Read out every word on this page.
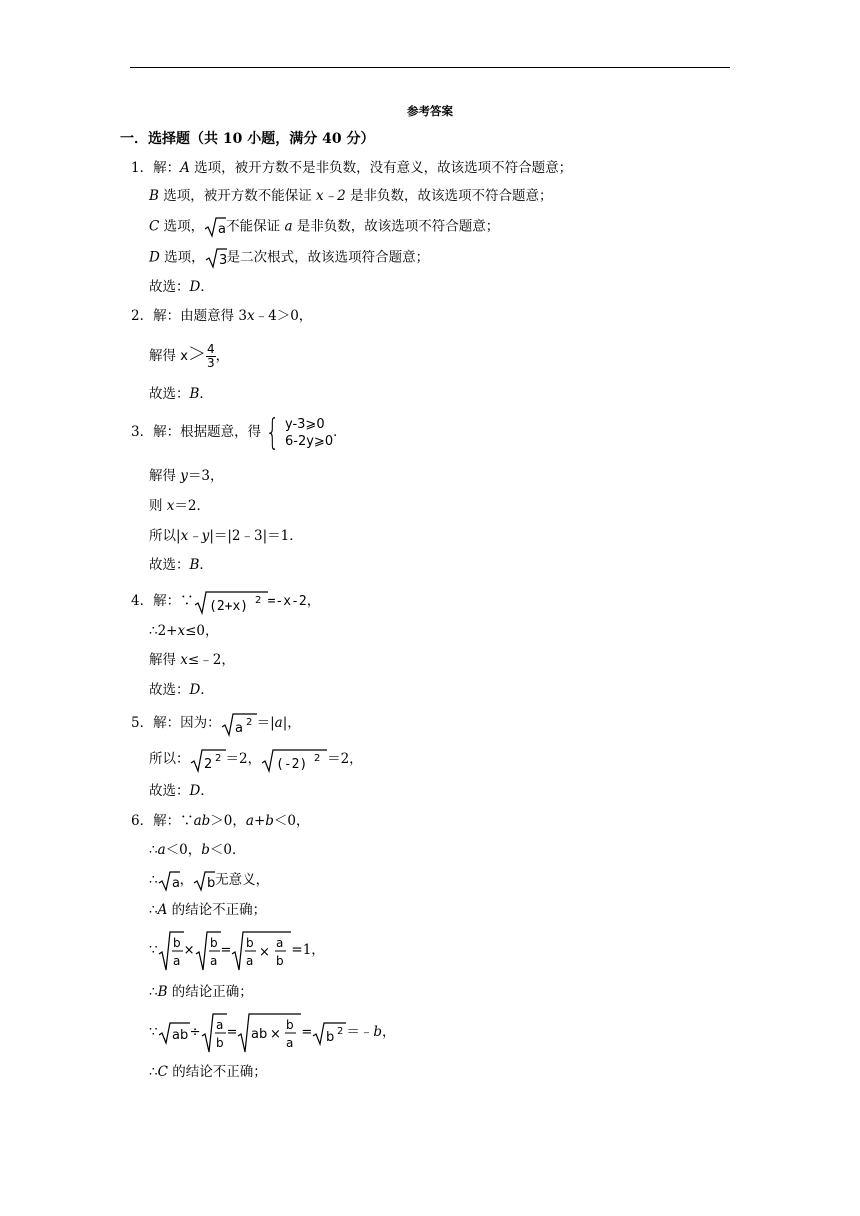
参考答案
一．选择题（共 10 小题，满分 40 分）
1．解：A 选项，被开方数不是非负数，没有意义，故该选项不符合题意；
B 选项，被开方数不能保证 x﹣2 是非负数，故该选项不符合题意；
C 选项， a 不能保证 a 是非负数，故该选项不符合题意；
D 选项， 3 是二次根式，故该选项符合题意；
故选：D．
2．解：由题意得 3x﹣4＞0，
解得 $x> \frac{4}{3}$ ，
故选：B．
3．解：根据题意，得 { y-3⩾0
6-2y⩾0
．
解得 y＝3，
则 x＝2．
所以|x﹣y|＝|2﹣3|＝1．
故选：B．
4．解：∵ (2+x) 2 =-x-2，
∴2+x≤0，
解得 x≤﹣2，
故选：D．
5．解：因为： a 2 ＝|a|，
所以： 2 2 ＝2， (-2) 2 ＝2，
故选：D．
6．解：∵ab＞0，a+b＜0，
∴a＜0，b＜0．
∴ a ， b 无意义，
∴A 的结论不正确；
∵ b
a
× b
a
= b
a
×
a
b
=1，
∴B 的结论正确；
∵ ab ÷ a
b
= ab ×
b
a
= b 2 ＝﹣b，
∴C 的结论不正确；
